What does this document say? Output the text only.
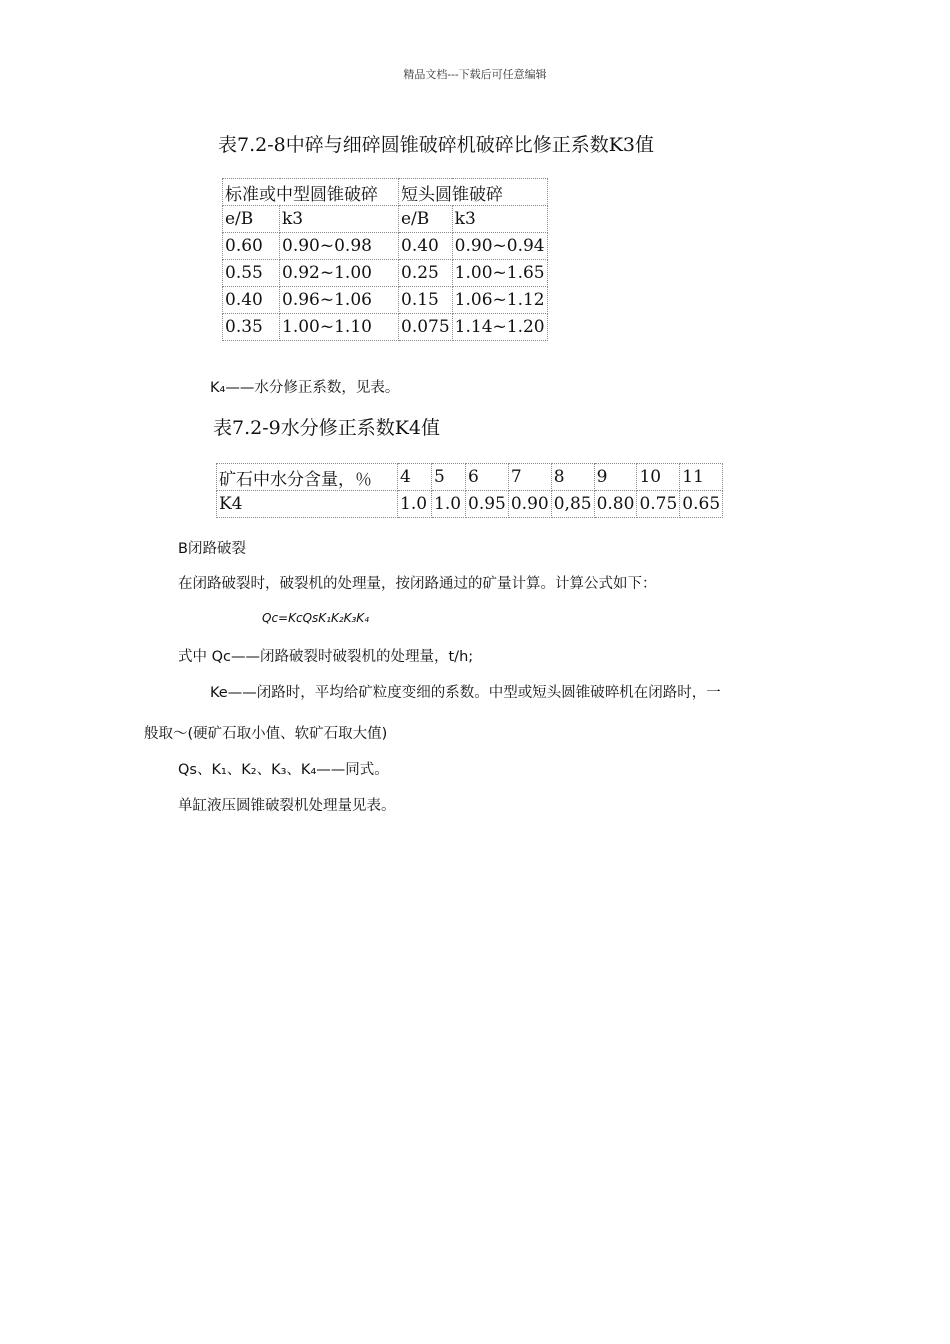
精品文档---下载后可任意编辑
表7.2-8中碎与细碎圆锥破碎机破碎比修正系数K3值
标准或中型圆锥破碎		短头圆锥破碎	
e/B	k3	e/B	k3
0.60	0.90~0.98	0.40	0.90~0.94
0.55	0.92~1.00	0.25	1.00~1.65
0.40	0.96~1.06	0.15	1.06~1.12
0.35	1.00~1.10	0.075	1.14~1.20
K₄——水分修正系数，见表。
表7.2-9水分修正系数K4值
矿石中水分含量，％	4	5	6	7	8	9	10	11
K4	1.0	1.0	0.95	0.90	0,85	0.80	0.75	0.65
B闭路破裂
在闭路破裂时，破裂机的处理量，按闭路通过的矿量计算。计算公式如下：
Qc=KcQsK₁K₂K₃K₄
式中 Qc——闭路破裂时破裂机的处理量，t/h;
Ke——闭路时，平均给矿粒度变细的系数。中型或短头圆锥破晬机在闭路时，一
般取～(硬矿石取小值、软矿石取大值)
Qs、K₁、K₂、K₃、K₄——同式。
单缸液压圆锥破裂机处理量见表。
